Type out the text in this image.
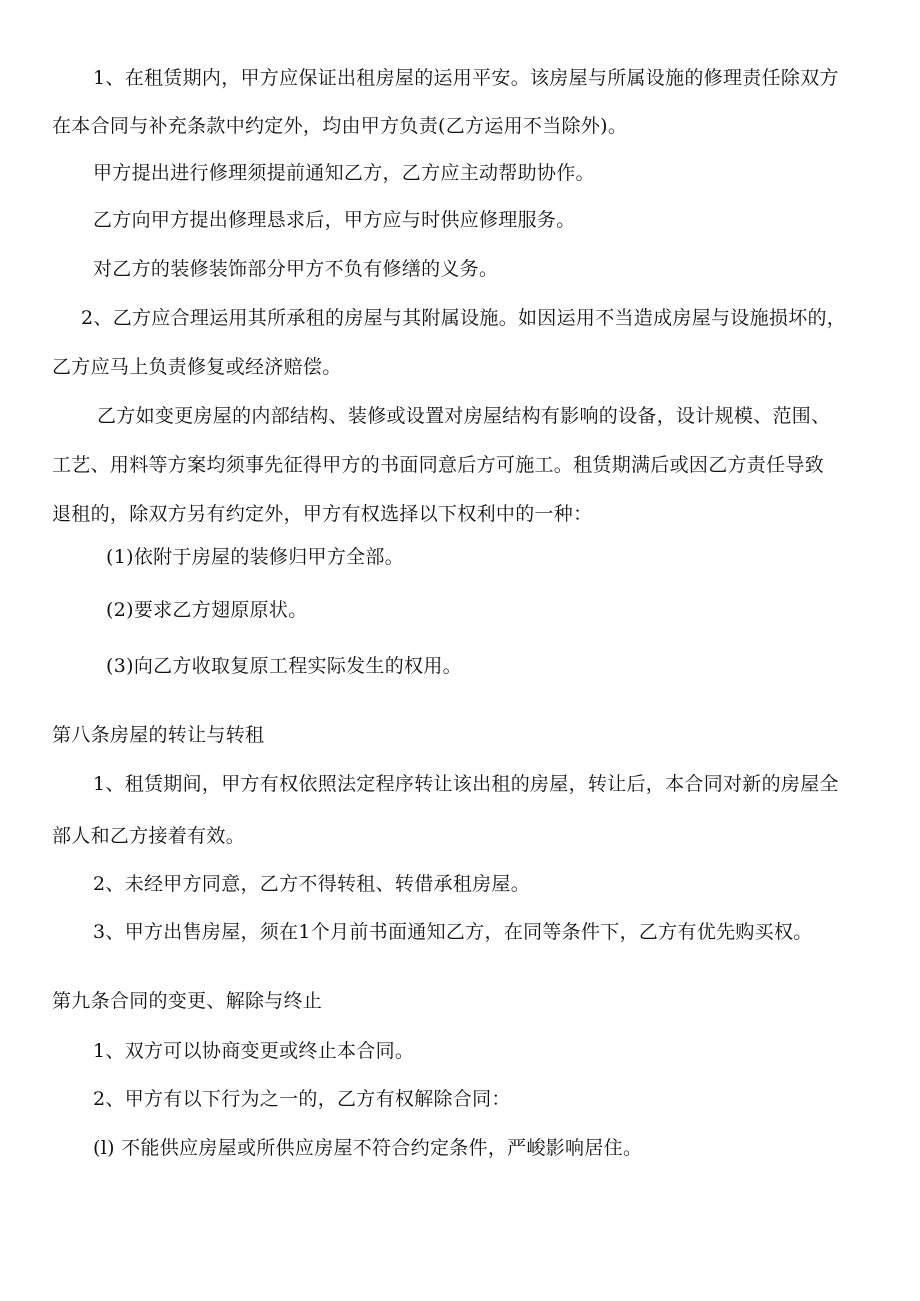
1、在租赁期内，甲方应保证出租房屋的运用平安。该房屋与所属设施的修理责任除双方
在本合同与补充条款中约定外，均由甲方负责(乙方运用不当除外)。
甲方提出进行修理须提前通知乙方，乙方应主动帮助协作。
乙方向甲方提出修理恳求后，甲方应与时供应修理服务。
对乙方的装修装饰部分甲方不负有修缮的义务。
2、乙方应合理运用其所承租的房屋与其附属设施。如因运用不当造成房屋与设施损坏的，
乙方应马上负责修复或经济赔偿。
乙方如变更房屋的内部结构、装修或设置对房屋结构有影响的设备，设计规模、范围、
工艺、用料等方案均须事先征得甲方的书面同意后方可施工。租赁期满后或因乙方责任导致
退租的，除双方另有约定外，甲方有权选择以下权利中的一种：
(1)依附于房屋的装修归甲方全部。
(2)要求乙方翅原原状。
(3)向乙方收取复原工程实际发生的权用。
第八条房屋的转让与转租
1、租赁期间，甲方有权依照法定程序转让该出租的房屋，转让后，本合同对新的房屋全
部人和乙方接着有效。
2、未经甲方同意，乙方不得转租、转借承租房屋。
3、甲方出售房屋，须在1个月前书面通知乙方，在同等条件下，乙方有优先购买权。
第九条合同的变更、解除与终止
1、双方可以协商变更或终止本合同。
2、甲方有以下行为之一的，乙方有权解除合同：
(l) 不能供应房屋或所供应房屋不符合约定条件，严峻影响居住。
